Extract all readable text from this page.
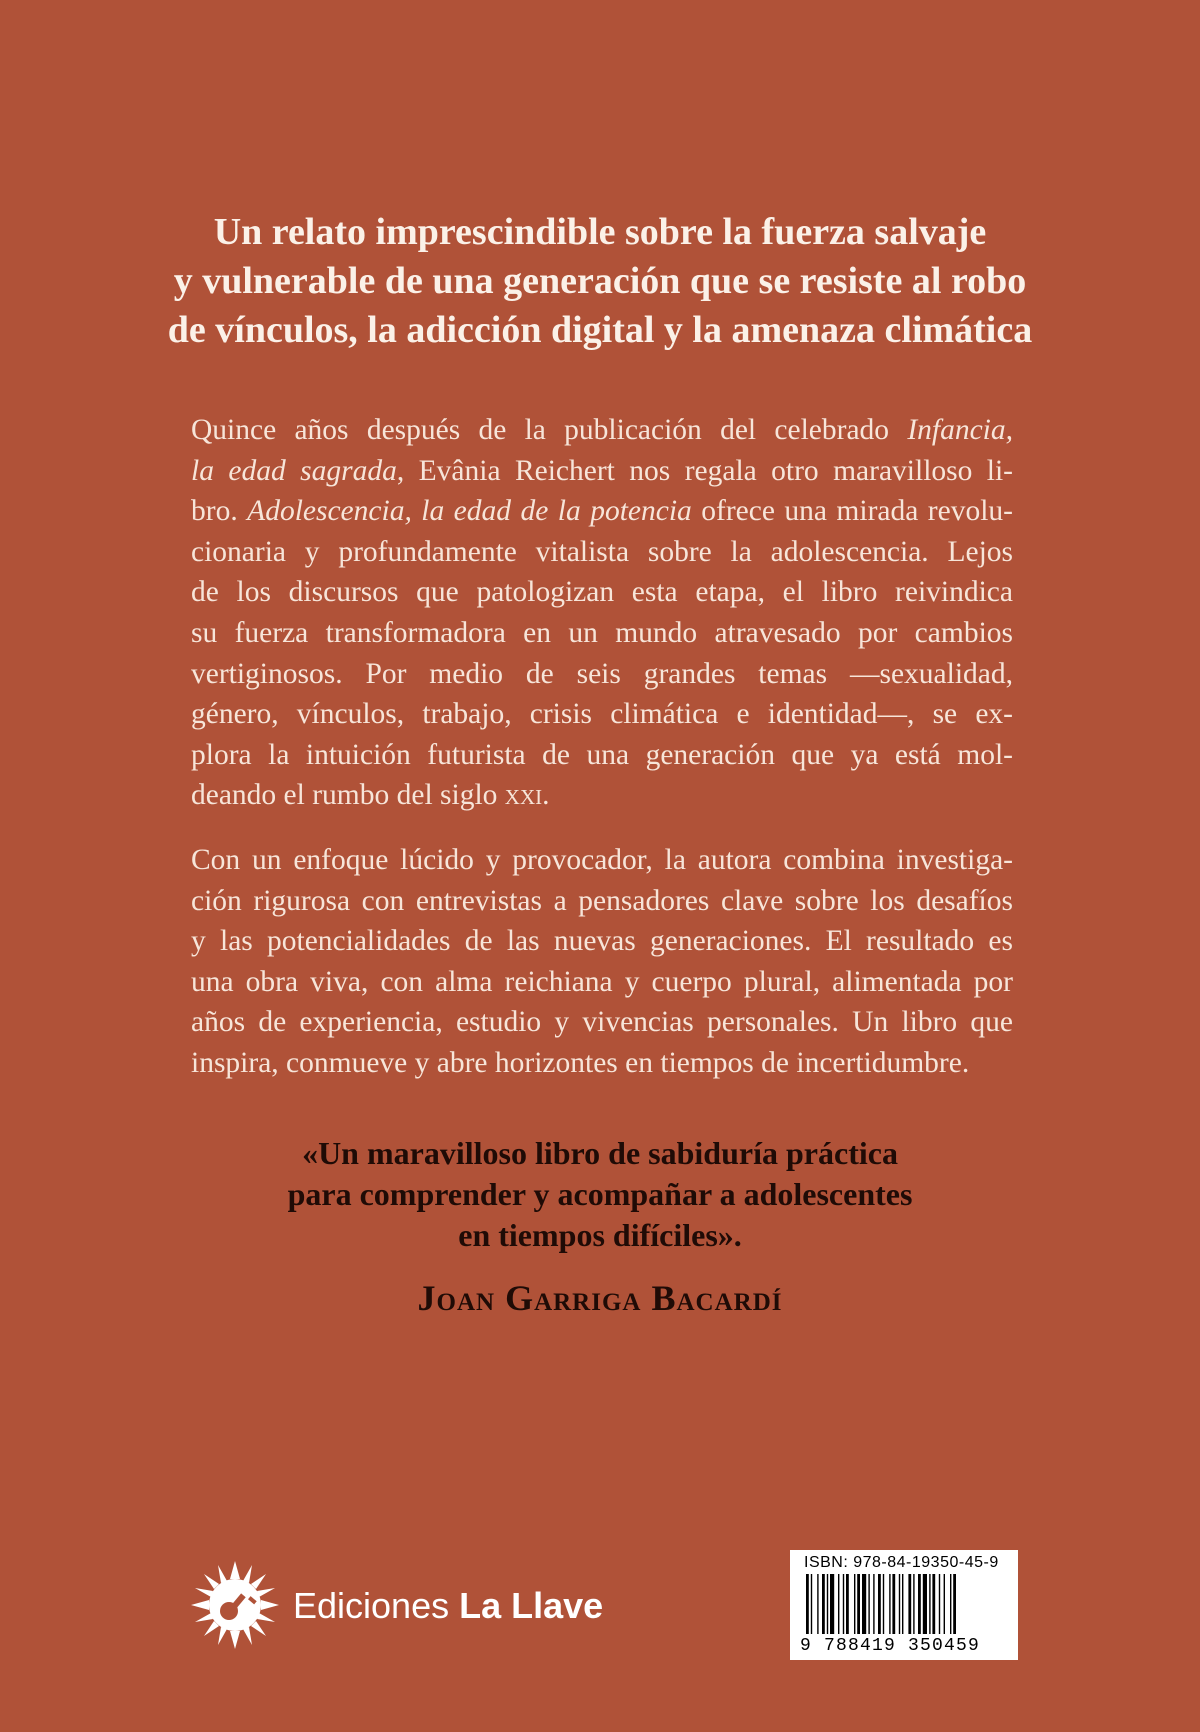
Un relato imprescindible sobre la fuerza salvaje
y vulnerable de una generación que se resiste al robo
de vínculos, la adicción digital y la amenaza climática

Quince años después de la publicación del celebrado Infancia,
la edad sagrada, Evânia Reichert nos regala otro maravilloso li-
bro. Adolescencia, la edad de la potencia ofrece una mirada revolu-
cionaria y profundamente vitalista sobre la adolescencia. Lejos
de los discursos que patologizan esta etapa, el libro reivindica
su fuerza transformadora en un mundo atravesado por cambios
vertiginosos. Por medio de seis grandes temas —sexualidad,
género, vínculos, trabajo, crisis climática e identidad—, se ex-
plora la intuición futurista de una generación que ya está mol-
deando el rumbo del siglo xxi.

Con un enfoque lúcido y provocador, la autora combina investiga-
ción rigurosa con entrevistas a pensadores clave sobre los desafíos
y las potencialidades de las nuevas generaciones. El resultado es
una obra viva, con alma reichiana y cuerpo plural, alimentada por
años de experiencia, estudio y vivencias personales. Un libro que
inspira, conmueve y abre horizontes en tiempos de incertidumbre.

«Un maravilloso libro de sabiduría práctica
para comprender y acompañar a adolescentes
en tiempos difíciles».
Joan Garriga Bacardí
Ediciones La Llave
ISBN: 978-84-19350-45-9
9 788419 350459
